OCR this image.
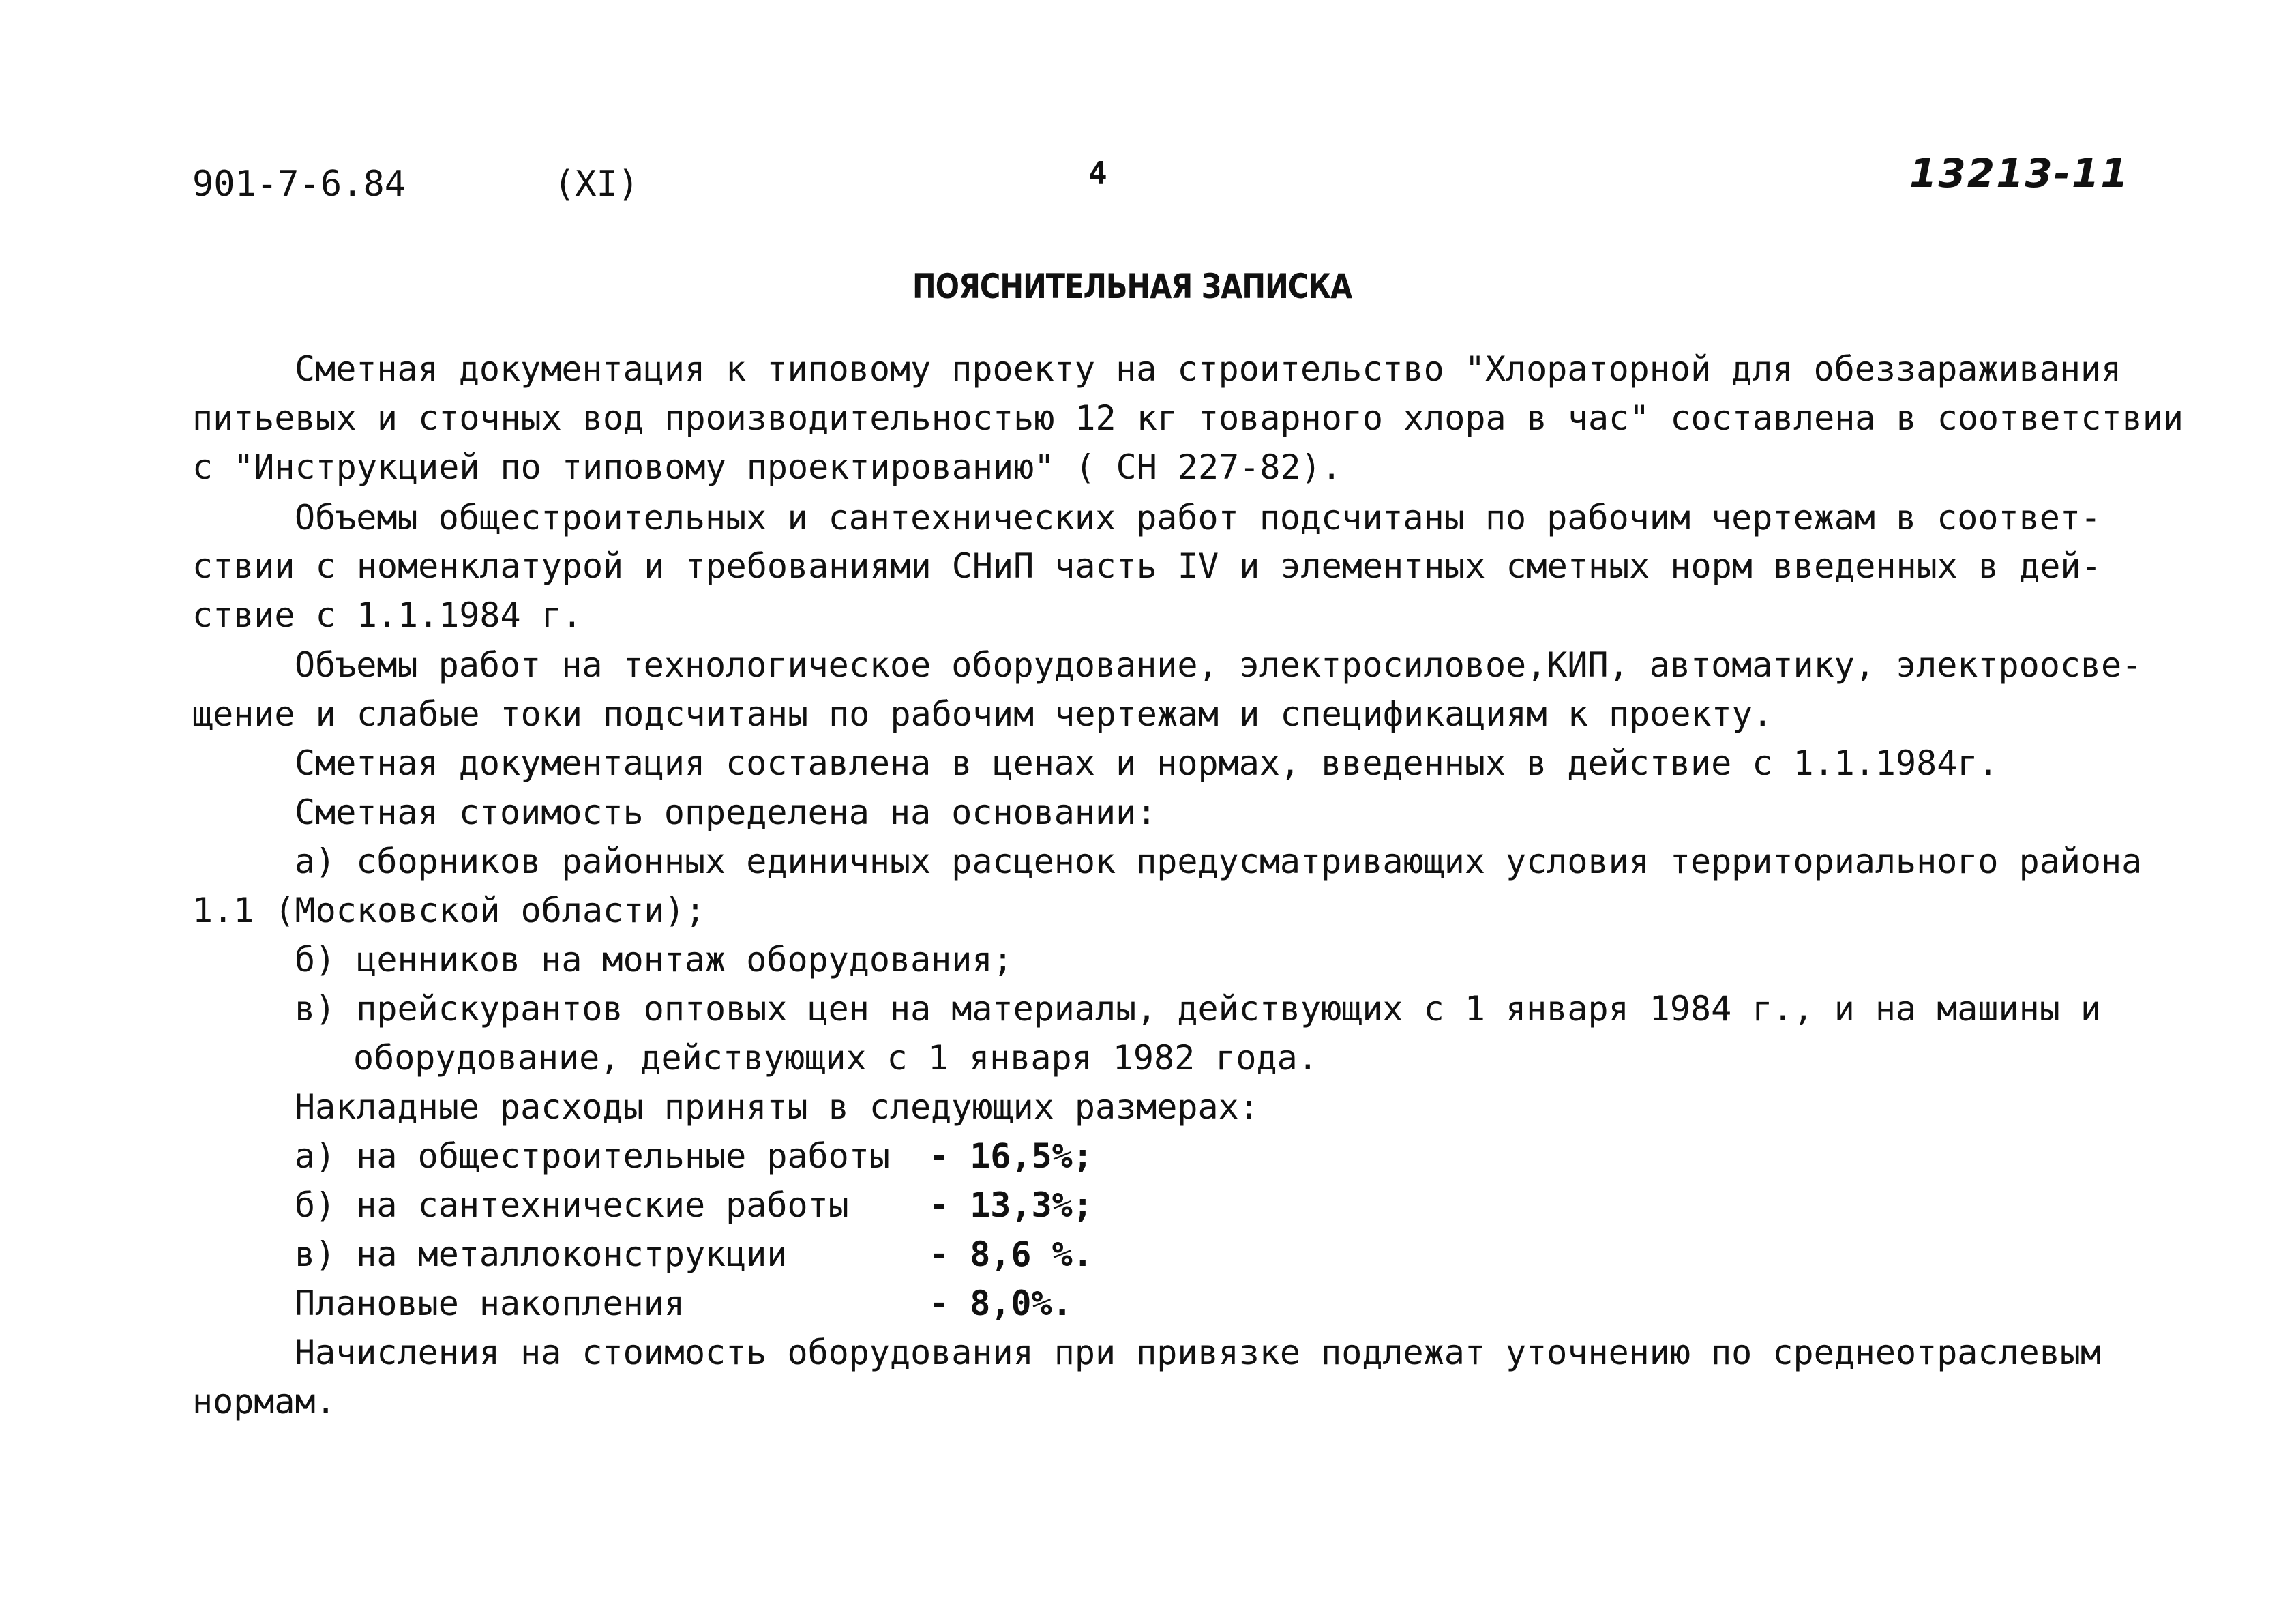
901-7-6.84	(XI)	4	13213-11
ПОЯСНИТЕЛЬНАЯ ЗАПИСКА
Сметная документация к типовому проекту на строительство "Хлораторной для обеззараживания
питьевых и сточных вод производительностью 12 кг товарного хлора в час" составлена в соответствии
с "Инструкцией по типовому проектированию" ( СН 227-82).
Объемы общестроительных и сантехнических работ подсчитаны по рабочим чертежам в соответ-
ствии с номенклатурой и требованиями СНиП часть IV и элементных сметных норм введенных в дей-
ствие с 1.1.1984 г.
Объемы работ на технологическое оборудование, электросиловое,КИП, автоматику, электроосве-
щение и слабые токи подсчитаны по рабочим чертежам и спецификациям к проекту.
Сметная документация составлена в ценах и нормах, введенных в действие с 1.1.1984г.
Сметная стоимость определена на основании:
а) сборников районных единичных расценок предусматривающих условия территориального района
1.1 (Московской области);
б) ценников на монтаж оборудования;
в) прейскурантов оптовых цен на материалы, действующих с 1 января 1984 г., и на машины и
оборудование, действующих с 1 января 1982 года.
Накладные расходы приняты в следующих размерах:
а) на общестроительные работы - 16,5%;
б) на сантехнические работы - 13,3%;
в) на металлоконструкции	- 8,6 %.
Плановые накопления	- 8,0%.
Начисления на стоимость оборудования при привязке подлежат уточнению по среднеотраслевым
нормам.
